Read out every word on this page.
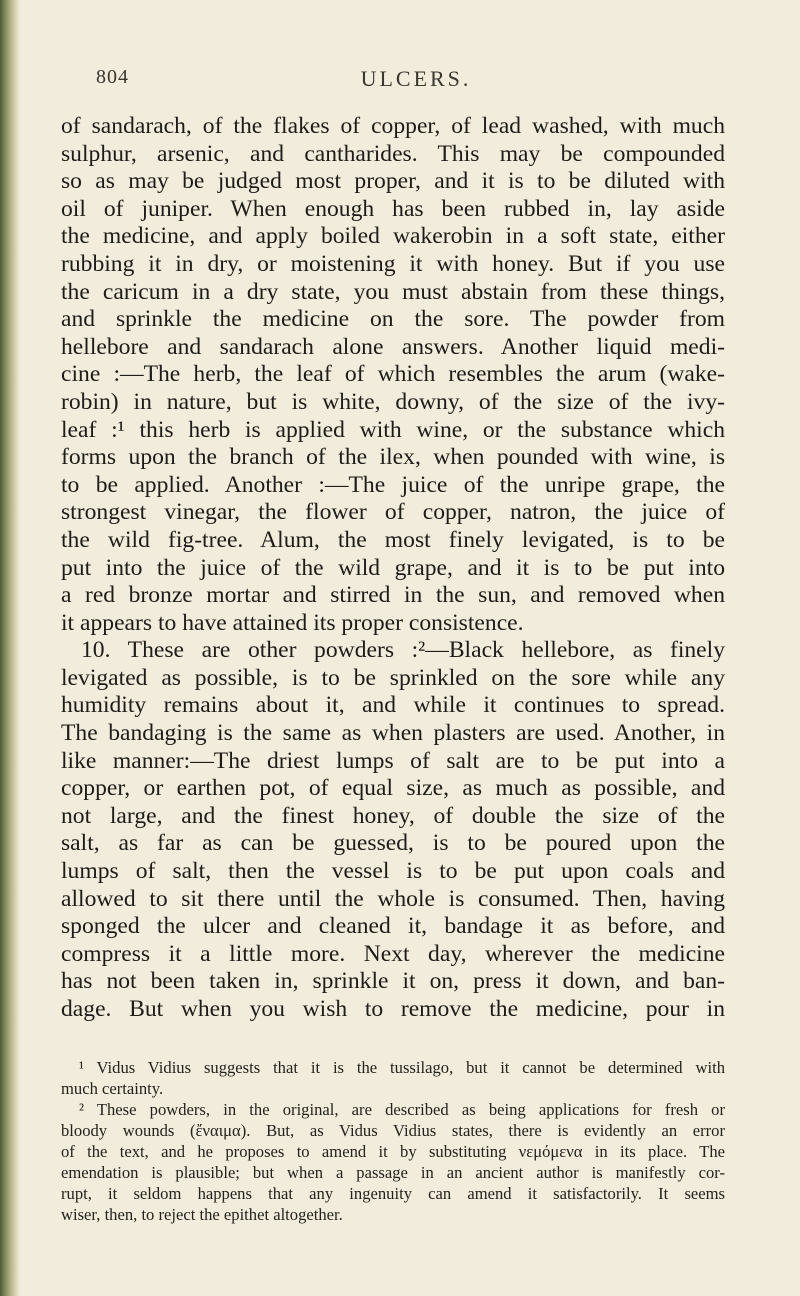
804	ULCERS.
of sandarach, of the flakes of copper, of lead washed, with much
sulphur, arsenic, and cantharides. This may be compounded
so as may be judged most proper, and it is to be diluted with
oil of juniper. When enough has been rubbed in, lay aside
the medicine, and apply boiled wakerobin in a soft state, either
rubbing it in dry, or moistening it with honey. But if you use
the caricum in a dry state, you must abstain from these things,
and sprinkle the medicine on the sore. The powder from
hellebore and sandarach alone answers. Another liquid medi-
cine :—The herb, the leaf of which resembles the arum (wake-
robin) in nature, but is white, downy, of the size of the ivy-
leaf :¹ this herb is applied with wine, or the substance which
forms upon the branch of the ilex, when pounded with wine, is
to be applied. Another :—The juice of the unripe grape, the
strongest vinegar, the flower of copper, natron, the juice of
the wild fig-tree. Alum, the most finely levigated, is to be
put into the juice of the wild grape, and it is to be put into
a red bronze mortar and stirred in the sun, and removed when
it appears to have attained its proper consistence.
10. These are other powders :²—Black hellebore, as finely
levigated as possible, is to be sprinkled on the sore while any
humidity remains about it, and while it continues to spread.
The bandaging is the same as when plasters are used. Another, in
like manner:—The driest lumps of salt are to be put into a
copper, or earthen pot, of equal size, as much as possible, and
not large, and the finest honey, of double the size of the
salt, as far as can be guessed, is to be poured upon the
lumps of salt, then the vessel is to be put upon coals and
allowed to sit there until the whole is consumed. Then, having
sponged the ulcer and cleaned it, bandage it as before, and
compress it a little more. Next day, wherever the medicine
has not been taken in, sprinkle it on, press it down, and ban-
dage. But when you wish to remove the medicine, pour in
¹ Vidus Vidius suggests that it is the tussilago, but it cannot be determined with
much certainty.
² These powders, in the original, are described as being applications for fresh or
bloody wounds (ἔναιμα). But, as Vidus Vidius states, there is evidently an error
of the text, and he proposes to amend it by substituting νεμόμενα in its place. The
emendation is plausible; but when a passage in an ancient author is manifestly cor-
rupt, it seldom happens that any ingenuity can amend it satisfactorily. It seems
wiser, then, to reject the epithet altogether.
